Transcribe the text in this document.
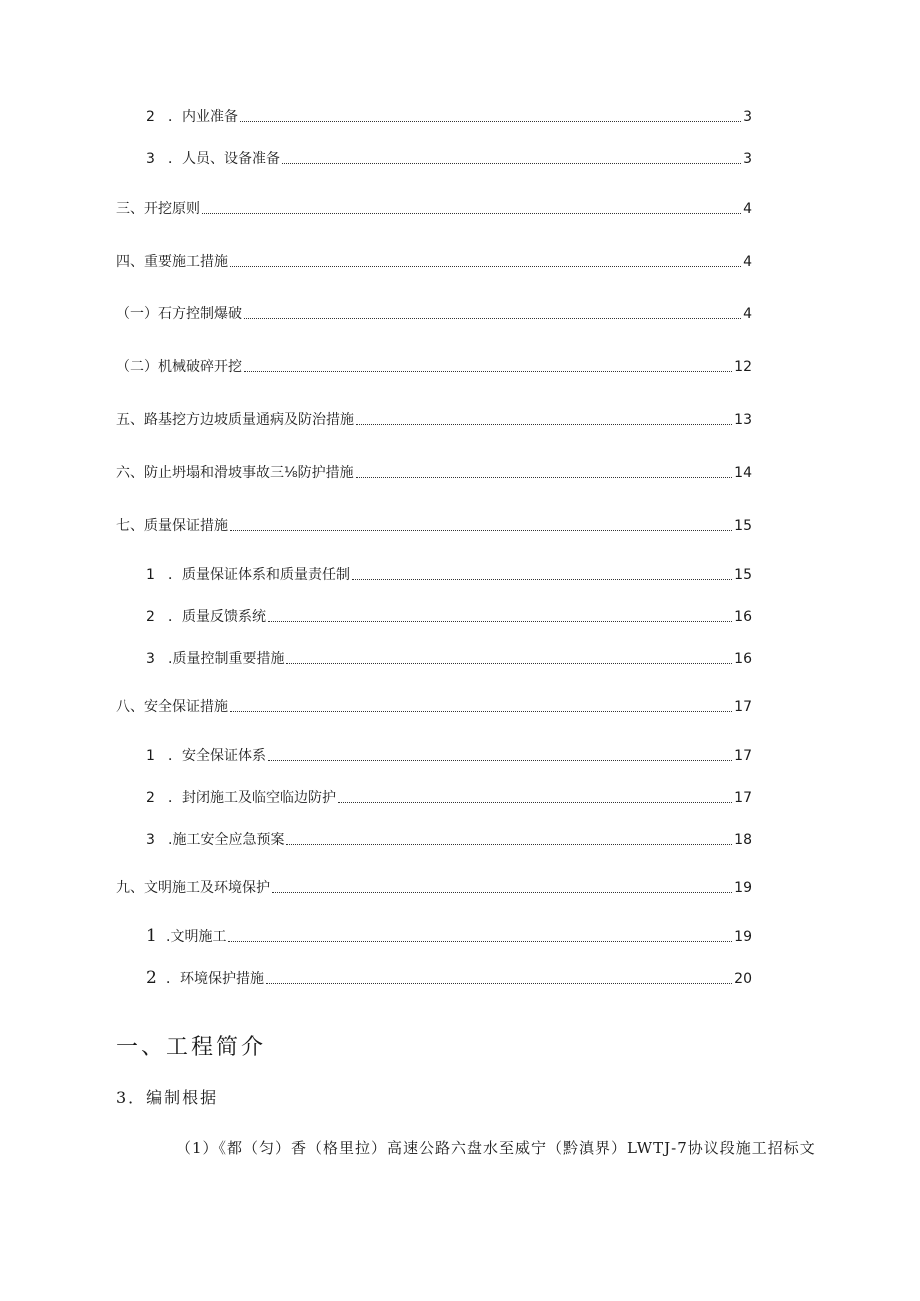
2 ．内业准备	3
3 ．人员、设备准备	3
三、开挖原则	4
四、重要施工措施	4
（一）石方控制爆破	4
（二）机械破碎开挖	12
五、路基挖方边坡质量通病及防治措施	13
六、防止坍塌和滑坡事故三⅛防护措施	14
七、质量保证措施	15
1 ．质量保证体系和质量责任制	15
2 ．质量反馈系统	16
3 .质量控制重要措施	16
八、安全保证措施	17
1 ．安全保证体系	17
2 ．封闭施工及临空临边防护	17
3 .施工安全应急预案	18
九、文明施工及环境保护	19
1 .文明施工	19
2 ．环境保护措施	20
一、工程简介
3．编制根据
（1）《都（匀）香（格里拉）高速公路六盘水至威宁（黔滇界）LWTJ-7协议段施工招标文
